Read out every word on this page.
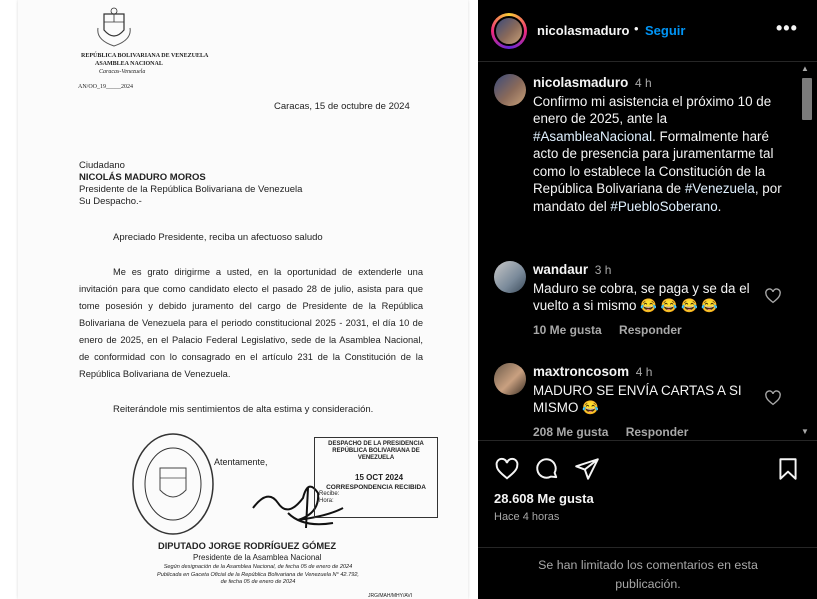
REPÚBLICA BOLIVARIANA DE VENEZUELA
ASAMBLEA NACIONAL
Caracas-Venezuela
AN/OO_19_____2024
Caracas, 15 de octubre de 2024
Ciudadano
NICOLÁS MADURO MOROS
Presidente de la República Bolivariana de Venezuela
Su Despacho.-
Apreciado Presidente, reciba un afectuoso saludo
Me es grato dirigirme a usted, en la oportunidad de extenderle una invitación para que como candidato electo el pasado 28 de julio, asista para que tome posesión y debido juramento del cargo de Presidente de la República Bolivariana de Venezuela para el periodo constitucional 2025 - 2031, el día 10 de enero de 2025, en el Palacio Federal Legislativo, sede de la Asamblea Nacional, de conformidad con lo consagrado en el artículo 231 de la Constitución de la República Bolivariana de Venezuela.
Reiterándole mis sentimientos de alta estima y consideración.
Atentamente,
DESPACHO DE LA PRESIDENCIA
REPÚBLICA BOLIVARIANA DE VENEZUELA
15 OCT 2024
CORRESPONDENCIA RECIBIDA
Recibe:
Hora:
DIPUTADO JORGE RODRÍGUEZ GÓMEZ
Presidente de la Asamblea Nacional
Según designación de la Asamblea Nacional, de fecha 05 de enero de 2024
Publicada en Gaceta Oficial de la República Bolivariana de Venezuela N° 42.792,
de fecha 05 de enero de 2024
JRG/MAH/MHY/AVI
nicolasmaduro • Seguir	•••
nicolasmaduro 4 h
Confirmo mi asistencia el próximo 10 de enero de 2025, ante la #AsambleaNacional. Formalmente haré acto de presencia para juramentarme tal como lo establece la Constitución de la República Bolivariana de #Venezuela, por mandato del #PuebloSoberano.
wandaur 3 h
Maduro se cobra, se paga y se da el vuelto a si mismo 😂 😂 😂 😂
10 Me gusta Responder
maxtroncosom 4 h
MADURO SE ENVÍA CARTAS A SI MISMO 😂
208 Me gusta Responder
▲
▼
28.608 Me gusta
Hace 4 horas
Se han limitado los comentarios en esta publicación.
